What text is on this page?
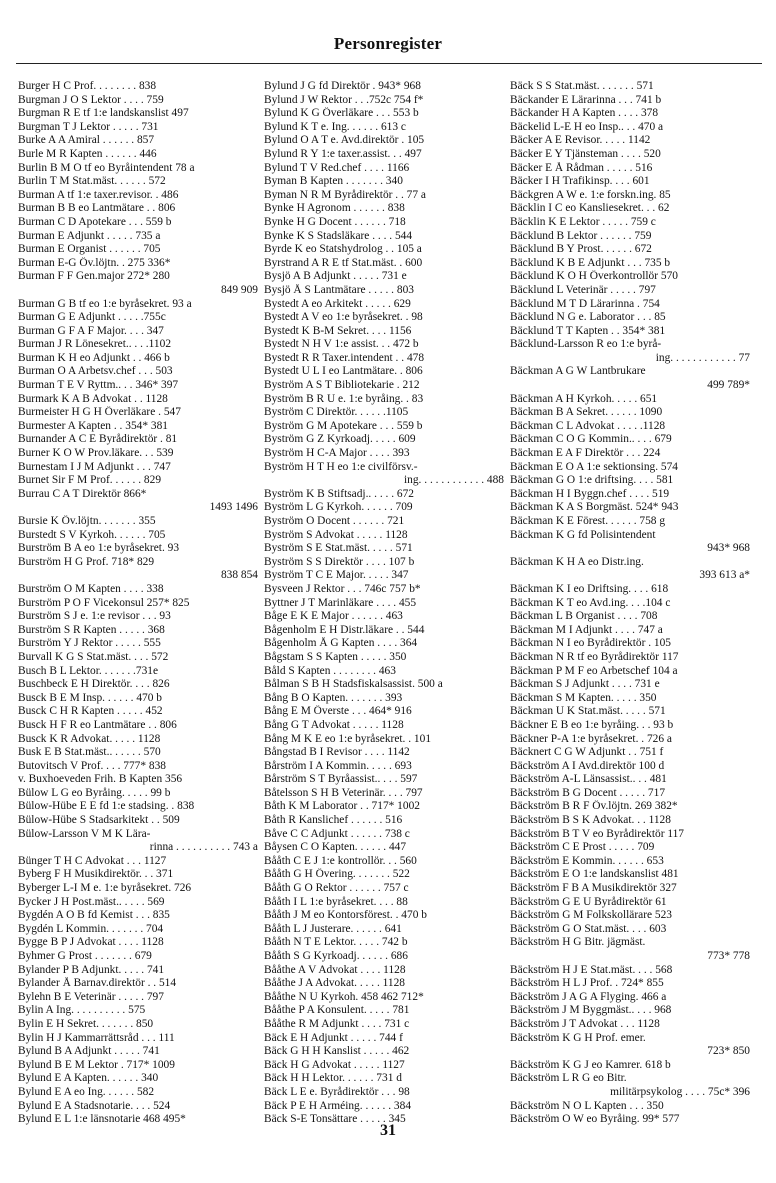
Personregister
Burger H C Prof. . . . . . . . 838
Burgman J O S Lektor . . . . 759
Burgman R E tf 1:e landskanslist 497
Burgman T J Lektor . . . . . 731
Burke A A Amiral . . . . . . 857
Burle M R Kapten . . . . . . 446
Burlin B M O tf eo Byråintendent 78 a
Burlin T M Stat.mäst. . . . . . 572
Burman A tf 1:e taxer.revisor. . 486
Burman B B eo Lantmätare . . 806
Burman C D Apotekare . . . 559 b
Burman E Adjunkt . . . . . 735 a
Burman E Organist . . . . . . 705
Burman E-G Öv.löjtn. . 275 336*
Burman F F Gen.major 272* 280
849 909
Burman G B tf eo 1:e byråsekret. 93 a
Burman G E Adjunkt . . . . .755c
Burman G F A F Major. . . . 347
Burman J R Lönesekret.. . . .1102
Burman K H eo Adjunkt . . 466 b
Burman O A Arbetsv.chef . . . 503
Burman T E V Ryttm.. . . 346* 397
Burmark K A B Advokat . . 1128
Burmeister H G H Överläkare . 547
Burmester A Kapten . . 354* 381
Burnander A C E Byrådirektör . 81
Burner K O W Prov.läkare. . . 539
Burnestam I J M Adjunkt . . . 747
Burnet Sir F M Prof. . . . . . 829
Burrau C A T Direktör 866*
1493 1496
Bursie K Öv.löjtn. . . . . . . 355
Burstedt S V Kyrkoh. . . . . . 705
Burström B A eo 1:e byråsekret. 93
Burström H G Prof. 718* 829
838 854
Burström O M Kapten . . . . 338
Burström P O F Vicekonsul 257* 825
Burström S J e. 1:e revisor . . . 93
Burström S R Kapten . . . . . 368
Burström Y J Rektor . . . . . 555
Burvall K G S Stat.mäst. . . . 572
Busch B L Lektor. . . . . . .731e
Buschbeck E H Direktör. . . . 826
Busck B E M Insp. . . . . . 470 b
Busck C H R Kapten . . . . . 452
Busck H F R eo Lantmätare . . 806
Busck K R Advokat. . . . . 1128
Busk E B Stat.mäst.. . . . . . 570
Butovitsch V Prof. . . . 777* 838
v. Buxhoeveden Frih. B Kapten 356
Bülow L G eo Byråing. . . . . 99 b
Bülow-Hübe E E fd 1:e stadsing. . 838
Bülow-Hübe S Stadsarkitekt . . 509
Bülow-Larsson V M K Lära-
rinna . . . . . . . . . . 743 a
Bünger T H C Advokat . . . 1127
Byberg F H Musikdirektör. . . 371
Byberger L-I M e. 1:e byråsekret. 726
Bycker J H Post.mäst.. . . . . 569
Bygdén A O B fd Kemist . . . 835
Bygdén L Kommin. . . . . . . 704
Bygge B P J Advokat . . . . 1128
Byhmer G Prost . . . . . . . 679
Bylander P B Adjunkt. . . . . 741
Bylander Å Barnav.direktör . . 514
Bylehn B E Veterinär . . . . . 797
Bylin A Ing. . . . . . . . . . 575
Bylin E H Sekret. . . . . . . 850
Bylin H J Kammarrättsråd . . . 111
Bylund B A Adjunkt . . . . . 741
Bylund B E M Lektor . 717* 1009
Bylund E A Kapten. . . . . . 340
Bylund E A eo Ing. . . . . . 582
Bylund E A Stadsnotarie. . . . 524
Bylund E L 1:e länsnotarie 468 495*
Bylund J G fd Direktör . 943* 968
Bylund J W Rektor . . .752c 754 f*
Bylund K G Överläkare . . . 553 b
Bylund K T e. Ing. . . . . . 613 c
Bylund O A T e. Avd.direktör . 105
Bylund R Y 1:e taxer.assist. . . 497
Bylund T V Red.chef . . . . 1166
Byman B Kapten . . . . . . . 340
Byman N R M Byrådirektör . . 77 a
Bynke H Agronom . . . . . . 838
Bynke H G Docent . . . . . . 718
Bynke K S Stadsläkare . . . . 544
Byrde K eo Statshydrolog . . 105 a
Byrstrand A R E tf Stat.mäst. . 600
Bysjö A B Adjunkt . . . . . 731 e
Bysjö Å S Lantmätare . . . . . 803
Bystedt A eo Arkitekt . . . . . 629
Bystedt A V eo 1:e byråsekret. . 98
Bystedt K B-M Sekret. . . . 1156
Bystedt N H V 1:e assist. . . 472 b
Bystedt R R Taxer.intendent . . 478
Bystedt U L I eo Lantmätare. . 806
Byström A S T Bibliotekarie . 212
Byström B R U e. 1:e byråing. . 83
Byström C Direktör. . . . . .1105
Byström G M Apotekare . . . 559 b
Byström G Z Kyrkoadj. . . . . 609
Byström H C-A Major . . . . 393
Byström H T H eo 1:e civilförsv.-
ing. . . . . . . . . . . . 488
Byström K B Stiftsadj.. . . . . 672
Byström L G Kyrkoh. . . . . . 709
Byström O Docent . . . . . . 721
Byström S Advokat . . . . . 1128
Byström S E Stat.mäst. . . . . 571
Byström S S Direktör . . . . 107 b
Byström T C E Major. . . . . 347
Bysveen J Rektor . . . 746c 757 b*
Byttner J T Marinläkare . . . . 455
Båge E K E Major . . . . . . 463
Bågenholm E H Distr.läkare . . 544
Bågenholm Å G Kapten . . . . 364
Bågstam S S Kapten . . . . . 350
Båld S Kapten . . . . . . . . 463
Bålman S B H Stadsfiskalsassist. 500 a
Bång B O Kapten. . . . . . . 393
Bång E M Överste . . . 464* 916
Bång G T Advokat . . . . . 1128
Bång M K E eo 1:e byråsekret. . 101
Bångstad B I Revisor . . . . 1142
Bårström I A Kommin. . . . . 693
Bårström S T Byråassist.. . . . 597
Båtelsson S H B Veterinär. . . . 797
Båth K M Laborator . . 717* 1002
Båth R Kanslichef . . . . . . 516
Båve C C Adjunkt . . . . . . 738 c
Båysen C O Kapten. . . . . . 447
Bååth C E J 1:e kontrollör. . . 560
Bååth G H Övering. . . . . . . 522
Bååth G O Rektor . . . . . . 757 c
Bååth I L 1:e byråsekret. . . . 88
Bååth J M eo Kontorsförest. . 470 b
Bååth L J Justerare. . . . . . 641
Bååth N T E Lektor. . . . . 742 b
Bååth S G Kyrkoadj. . . . . . 686
Bååthe A V Advokat . . . . 1128
Bååthe J A Advokat. . . . . 1128
Bååthe N U Kyrkoh. 458 462 712*
Bååthe P A Konsulent. . . . . 781
Bååthe R M Adjunkt . . . . 731 c
Bäck E H Adjunkt . . . . . 744 f
Bäck G H H Kanslist . . . . . 462
Bäck H G Advokat . . . . . 1127
Bäck H H Lektor. . . . . . 731 d
Bäck L E e. Byrådirektör . . . 98
Bäck P E H Arméing. . . . . . 384
Bäck S-E Tonsättare . . . . . 345
Bäck S S Stat.mäst. . . . . . . 571
Bäckander E Lärarinna . . . 741 b
Bäckander H A Kapten . . . . 378
Bäckelid L-E H eo Insp.. . . 470 a
Bäcker A E Revisor. . . . . 1142
Bäcker E Y Tjänsteman . . . . 520
Bäcker E Å Rådman . . . . . 516
Bäcker I H Trafikinsp. . . . 601
Bäckgren A W e. 1:e forskn.ing. 85
Bäcklin I C eo Kansliesekret. . . 62
Bäcklin K E Lektor . . . . . 759 c
Bäcklund B Lektor . . . . . . 759
Bäcklund B Y Prost. . . . . . 672
Bäcklund K B E Adjunkt . . . 735 b
Bäcklund K O H Överkontrollör 570
Bäcklund L Veterinär . . . . . 797
Bäcklund M T D Lärarinna . 754
Bäcklund N G e. Laborator . . . 85
Bäcklund T T Kapten . . 354* 381
Bäcklund-Larsson R eo 1:e byrå-
ing. . . . . . . . . . . . 77
Bäckman A G W Lantbrukare
499 789*
Bäckman A H Kyrkoh. . . . . 651
Bäckman B A Sekret. . . . . . 1090
Bäckman C L Advokat . . . . .1128
Bäckman C O G Kommin.. . . . 679
Bäckman E A F Direktör . . . 224
Bäckman E O A 1:e sektionsing. 574
Bäckman G O 1:e driftsing. . . . 581
Bäckman H I Byggn.chef . . . . 519
Bäckman K A S Borgmäst. 524* 943
Bäckman K E Förest. . . . . . 758 g
Bäckman K G fd Polisintendent
943* 968
Bäckman K H A eo Distr.ing.
393 613 a*
Bäckman K I eo Driftsing. . . . 618
Bäckman K T eo Avd.ing. . . .104 c
Bäckman L B Organist . . . . 708
Bäckman M I Adjunkt . . . . 747 a
Bäckman N I eo Byrådirektör . 105
Bäckman N R tf eo Byrådirektör 117
Bäckman P M F eo Arbetschef 104 a
Bäckman S J Adjunkt . . . . 731 e
Bäckman S M Kapten. . . . . 350
Bäckman U K Stat.mäst. . . . . 571
Bäckner E B eo 1:e byråing. . . 93 b
Bäckner P-A 1:e byråsekret. . 726 a
Bäcknert C G W Adjunkt . . 751 f
Bäckström A I Avd.direktör 100 d
Bäckström A-L Länsassist.. . . 481
Bäckström B G Docent . . . . . 717
Bäckström B R F Öv.löjtn. 269 382*
Bäckström B S K Advokat. . . 1128
Bäckström B T V eo Byrådirektör 117
Bäckström C E Prost . . . . . 709
Bäckström E Kommin. . . . . . 653
Bäckström E O 1:e landskanslist 481
Bäckström F B A Musikdirektör 327
Bäckström G E U Byrådirektör 61
Bäckström G M Folkskollärare 523
Bäckström G O Stat.mäst. . . . 603
Bäckström H G Bitr. jägmäst.
773* 778
Bäckström H J E Stat.mäst. . . . 568
Bäckström H L J Prof. . 724* 855
Bäckström J A G A Flyging. 466 a
Bäckström J M Byggmäst.. . . . 968
Bäckström J T Advokat . . . 1128
Bäckström K G H Prof. emer.
723* 850
Bäckström K G J eo Kamrer. 618 b
Bäckström L R G eo Bitr.
militärpsykolog . . . . 75c* 396
Bäckström N O L Kapten . . . 350
Bäckström O W eo Byråing. 99* 577
31
